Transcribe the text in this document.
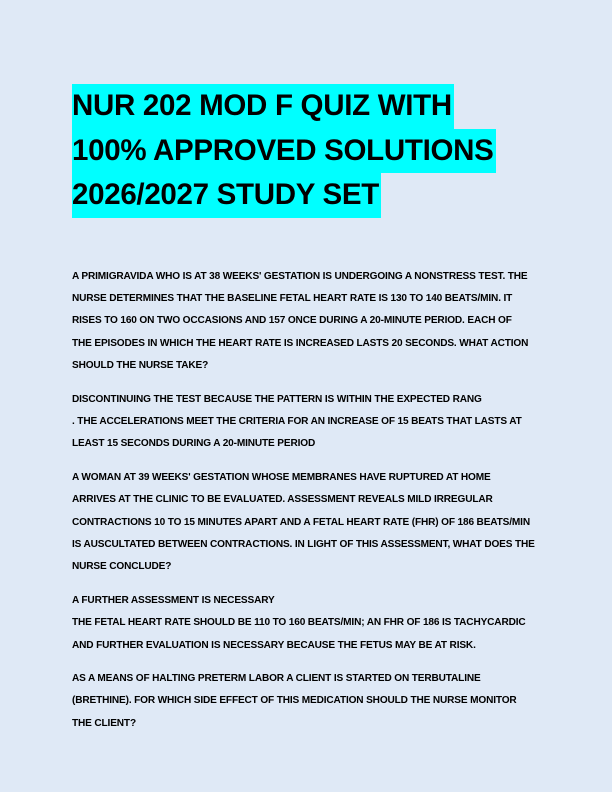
NUR 202 MOD F QUIZ WITH
100% APPROVED SOLUTIONS
2026/2027 STUDY SET

A PRIMIGRAVIDA WHO IS AT 38 WEEKS' GESTATION IS UNDERGOING A NONSTRESS TEST. THE
NURSE DETERMINES THAT THE BASELINE FETAL HEART RATE IS 130 TO 140 BEATS/MIN. IT
RISES TO 160 ON TWO OCCASIONS AND 157 ONCE DURING A 20-MINUTE PERIOD. EACH OF
THE EPISODES IN WHICH THE HEART RATE IS INCREASED LASTS 20 SECONDS. WHAT ACTION
SHOULD THE NURSE TAKE?

DISCONTINUING THE TEST BECAUSE THE PATTERN IS WITHIN THE EXPECTED RANG
. THE ACCELERATIONS MEET THE CRITERIA FOR AN INCREASE OF 15 BEATS THAT LASTS AT
LEAST 15 SECONDS DURING A 20-MINUTE PERIOD

A WOMAN AT 39 WEEKS' GESTATION WHOSE MEMBRANES HAVE RUPTURED AT HOME
ARRIVES AT THE CLINIC TO BE EVALUATED. ASSESSMENT REVEALS MILD IRREGULAR
CONTRACTIONS 10 TO 15 MINUTES APART AND A FETAL HEART RATE (FHR) OF 186 BEATS/MIN
IS AUSCULTATED BETWEEN CONTRACTIONS. IN LIGHT OF THIS ASSESSMENT, WHAT DOES THE
NURSE CONCLUDE?

A FURTHER ASSESSMENT IS NECESSARY
THE FETAL HEART RATE SHOULD BE 110 TO 160 BEATS/MIN; AN FHR OF 186 IS TACHYCARDIC
AND FURTHER EVALUATION IS NECESSARY BECAUSE THE FETUS MAY BE AT RISK.

AS A MEANS OF HALTING PRETERM LABOR A CLIENT IS STARTED ON TERBUTALINE
(BRETHINE). FOR WHICH SIDE EFFECT OF THIS MEDICATION SHOULD THE NURSE MONITOR
THE CLIENT?
